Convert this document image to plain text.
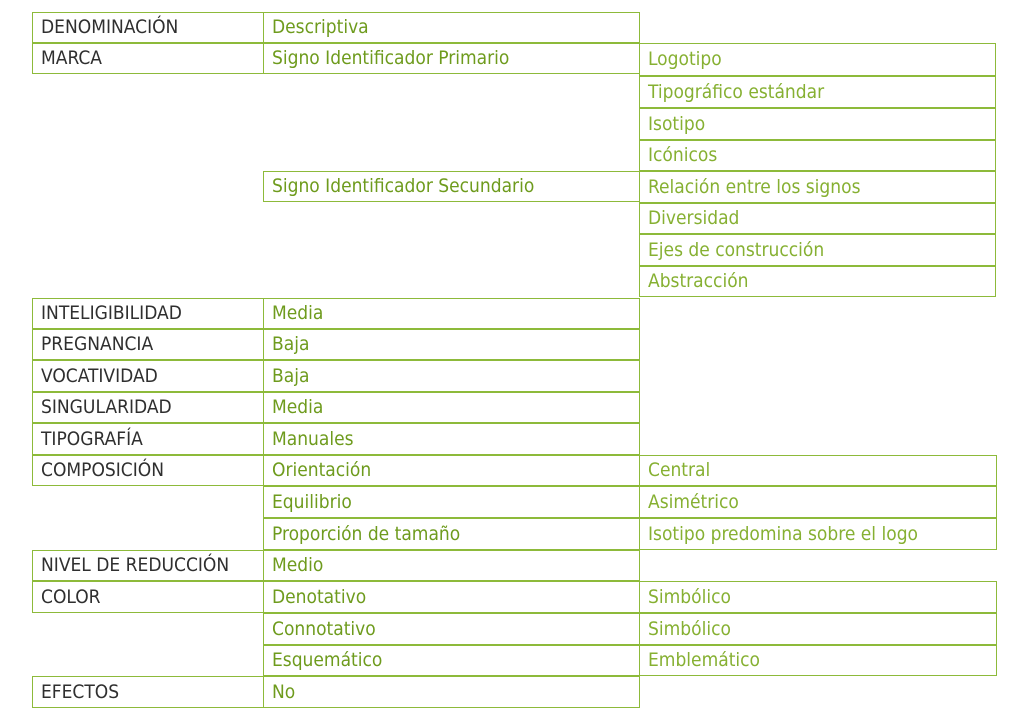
DENOMINACIÓN
MARCA
INTELIGIBILIDAD
PREGNANCIA
VOCATIVIDAD
SINGULARIDAD
TIPOGRAFÍA
COMPOSICIÓN
NIVEL DE REDUCCIÓN
COLOR
EFECTOS
Descriptiva
Signo Identificador Primario
Signo Identificador Secundario
Media
Baja
Baja
Media
Manuales
Orientación
Equilibrio
Proporción de tamaño
Medio
Denotativo
Connotativo
Esquemático
No
Logotipo
Tipográfico estándar
Isotipo
Icónicos
Relación entre los signos
Diversidad
Ejes de construcción
Abstracción
Central
Asimétrico
Isotipo predomina sobre el logo
Simbólico
Simbólico
Emblemático
